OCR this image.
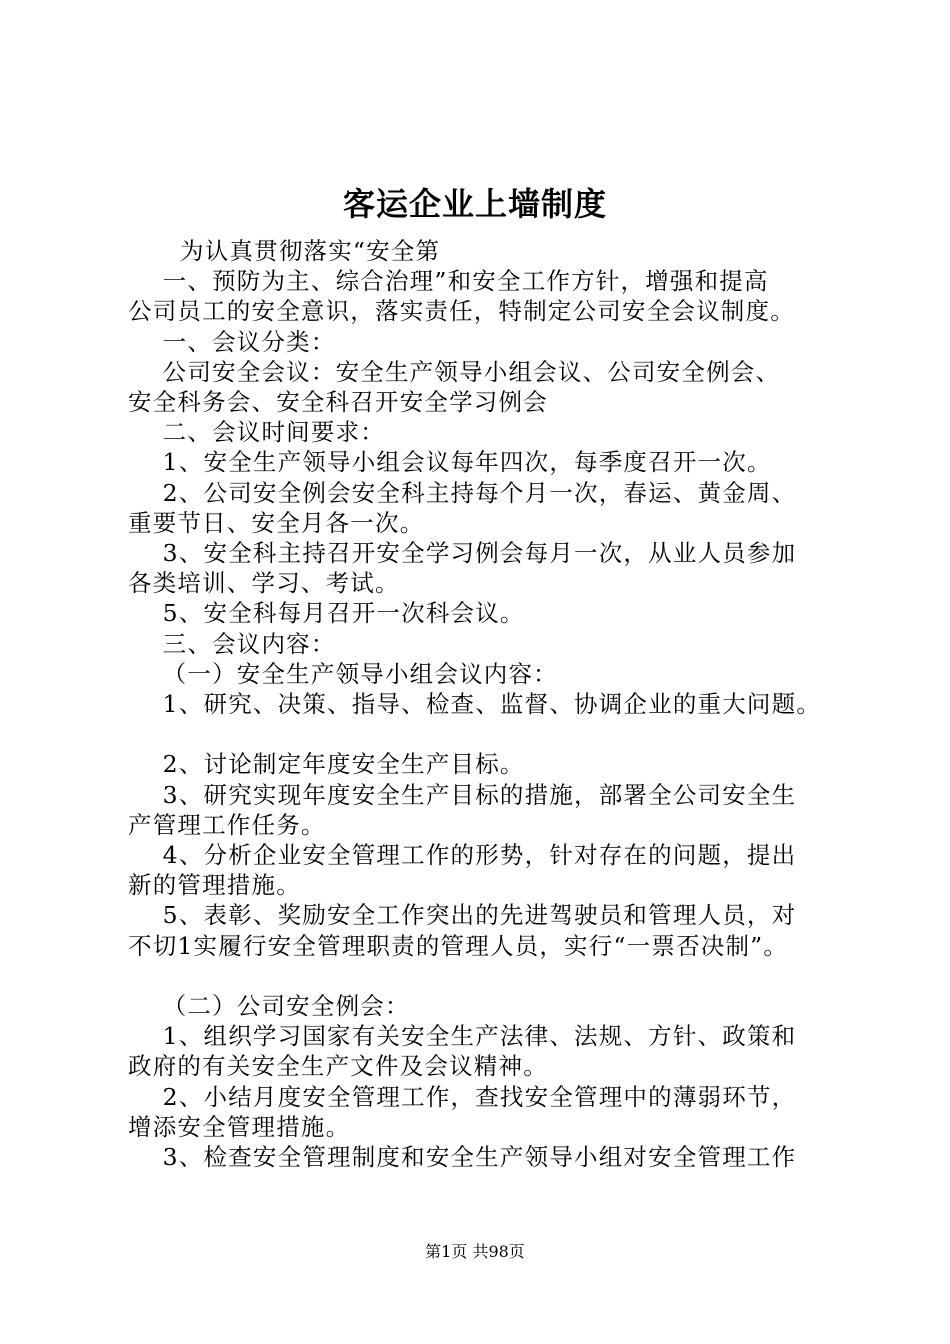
客运企业上墙制度

为认真贯彻落实“安全第

一、预防为主、综合治理”和安全工作方针，增强和提高

公司员工的安全意识，落实责任，特制定公司安全会议制度。

一、会议分类：

公司安全会议：安全生产领导小组会议、公司安全例会、

安全科务会、安全科召开安全学习例会

二、会议时间要求：

1、安全生产领导小组会议每年四次，每季度召开一次。

2、公司安全例会安全科主持每个月一次，春运、黄金周、

重要节日、安全月各一次。

3、安全科主持召开安全学习例会每月一次，从业人员参加

各类培训、学习、考试。

5、安全科每月召开一次科会议。

三、会议内容：

（一）安全生产领导小组会议内容：

1、研究、决策、指导、检查、监督、协调企业的重大问题。

2、讨论制定年度安全生产目标。

3、研究实现年度安全生产目标的措施，部署全公司安全生

产管理工作任务。

4、分析企业安全管理工作的形势，针对存在的问题，提出

新的管理措施。

5、表彰、奖励安全工作突出的先进驾驶员和管理人员，对

不切1实履行安全管理职责的管理人员，实行“一票否决制”。

（二）公司安全例会：

1、组织学习国家有关安全生产法律、法规、方针、政策和

政府的有关安全生产文件及会议精神。

2、小结月度安全管理工作，查找安全管理中的薄弱环节，

增添安全管理措施。

3、检查安全管理制度和安全生产领导小组对安全管理工作

第1页 共98页
